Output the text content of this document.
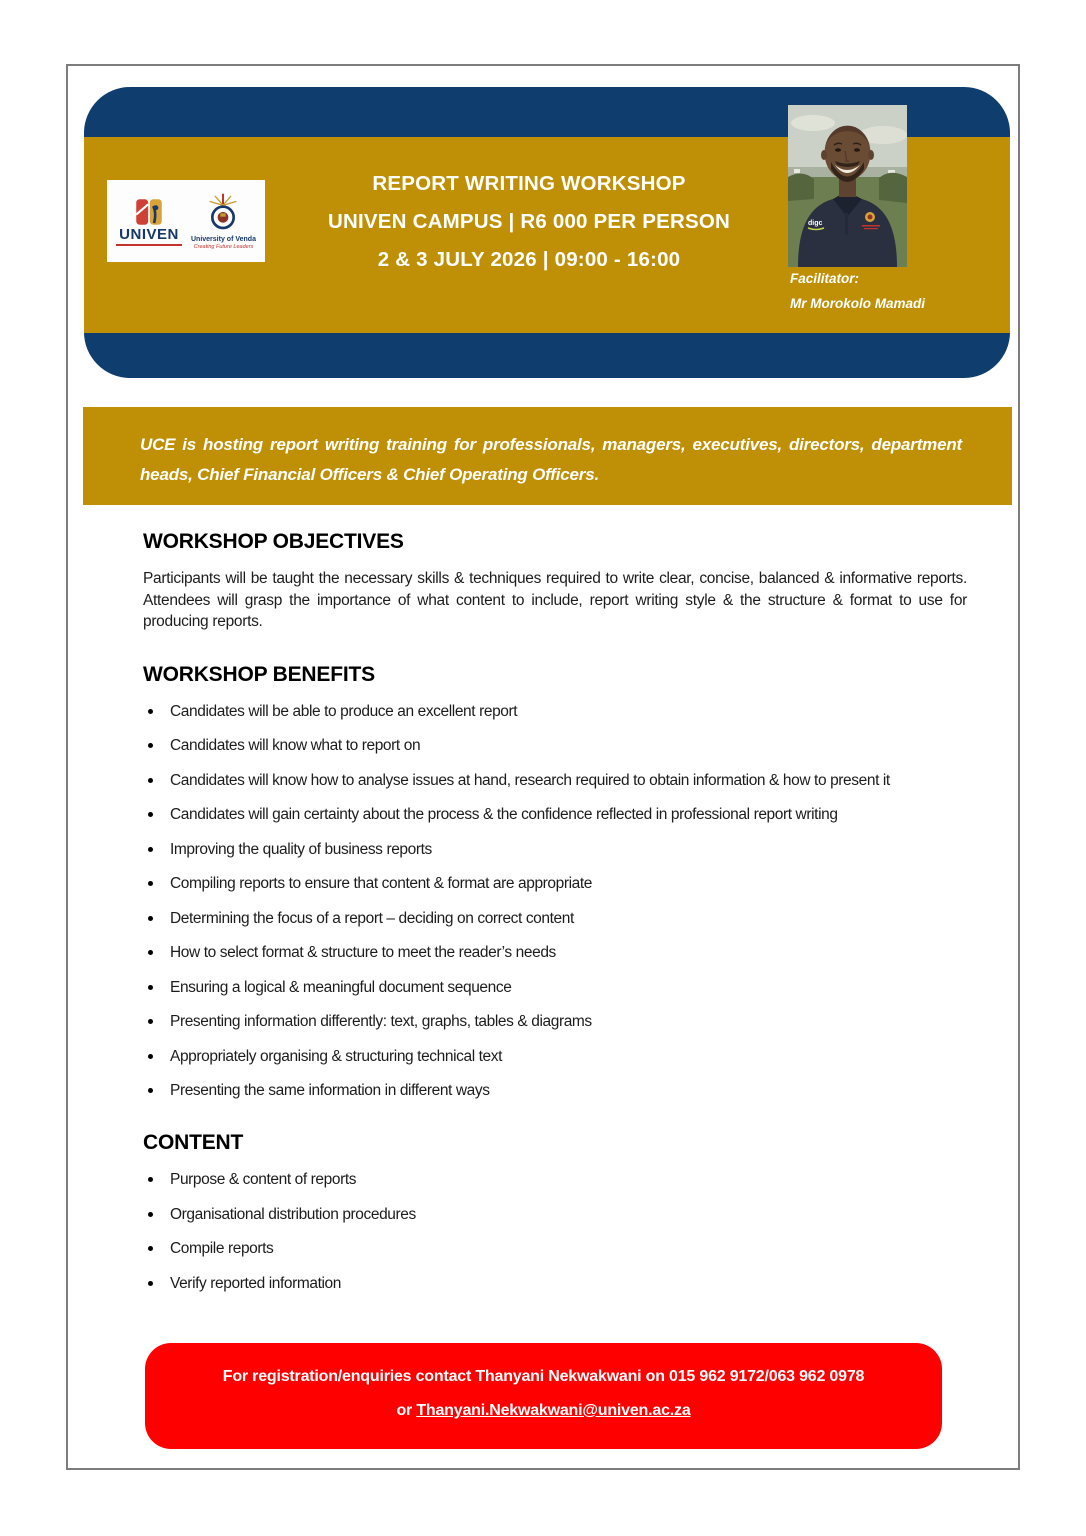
UNIVEN University of Venda
Creating Future Leaders
REPORT WRITING WORKSHOP
UNIVEN CAMPUS | R6 000 PER PERSON
2 & 3 JULY 2026 | 09:00 - 16:00
digc
Facilitator:
Mr Morokolo Mamadi
UCE is hosting report writing training for professionals, managers, executives, directors, department heads, Chief Financial Officers & Chief Operating Officers.
WORKSHOP OBJECTIVES
Participants will be taught the necessary skills & techniques required to write clear, concise, balanced & informative reports. Attendees will grasp the importance of what content to include, report writing style & the structure & format to use for producing reports.
WORKSHOP BENEFITS
Candidates will be able to produce an excellent report
Candidates will know what to report on
Candidates will know how to analyse issues at hand, research required to obtain information & how to present it
Candidates will gain certainty about the process & the confidence reflected in professional report writing
Improving the quality of business reports
Compiling reports to ensure that content & format are appropriate
Determining the focus of a report – deciding on correct content
How to select format & structure to meet the reader’s needs
Ensuring a logical & meaningful document sequence
Presenting information differently: text, graphs, tables & diagrams
Appropriately organising & structuring technical text
Presenting the same information in different ways
CONTENT
Purpose & content of reports
Organisational distribution procedures
Compile reports
Verify reported information
For registration/enquiries contact Thanyani Nekwakwani on 015 962 9172/063 962 0978
or Thanyani.Nekwakwani@univen.ac.za
